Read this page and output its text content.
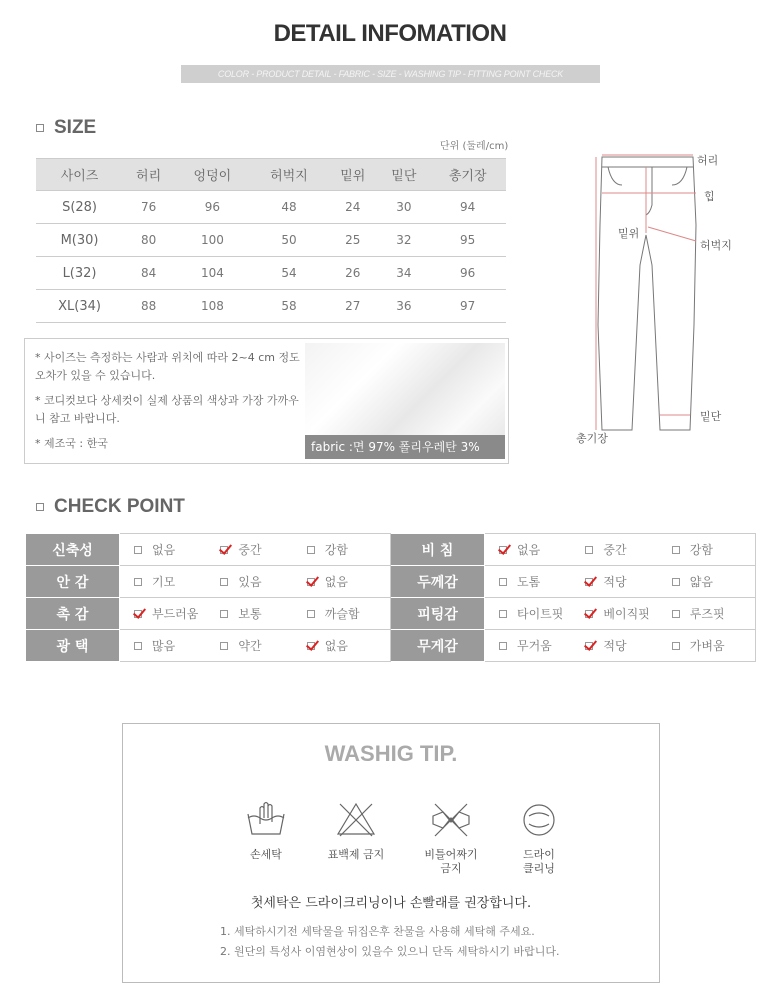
DETAIL INFOMATION
COLOR - PRODUCT DETAIL - FABRIC - SIZE - WASHING TIP - FITTING POINT CHECK
SIZE
단위 (둘레/cm)
사이즈	허리	엉덩이	허벅지	밑위	밑단	총기장
S(28)	76	96	48	24	30	94
M(30)	80	100	50	25	32	95
L(32)	84	104	54	26	34	96
XL(34)	88	108	58	27	36	97
* 사이즈는 측정하는 사람과 위치에 따라 2~4 cm 정도 오차가 있을 수 있습니다.
* 코디컷보다 상세컷이 실제 상품의 색상과 가장 가까우니 참고 바랍니다.
* 제조국 : 한국	fabric :면 97% 폴리우레탄 3%
허리
힙
밑위
허벅지
밑단
총기장
CHECK POINT
신축성	없음 중간 강함	비 침	없음 중간 강함

안 감	기모 있음 없음	두께감	도톰 적당 얇음

촉 감	부드러움 보통 까슬함	피팅감	타이트핏 베이직핏 루즈핏

광 택	많음 약간 없음	무게감	무거움 적당 가벼움
WASHIG TIP.
손세탁	표백제 금지	비틀어짜기
금지
드라이
클리닝
첫세탁은 드라이크리닝이나 손빨래를 권장합니다.
1. 세탁하시기전 세탁물을 뒤집은후 찬물을 사용해 세탁해 주세요.
2. 원단의 특성사 이염현상이 있을수 있으니 단독 세탁하시기 바랍니다.
